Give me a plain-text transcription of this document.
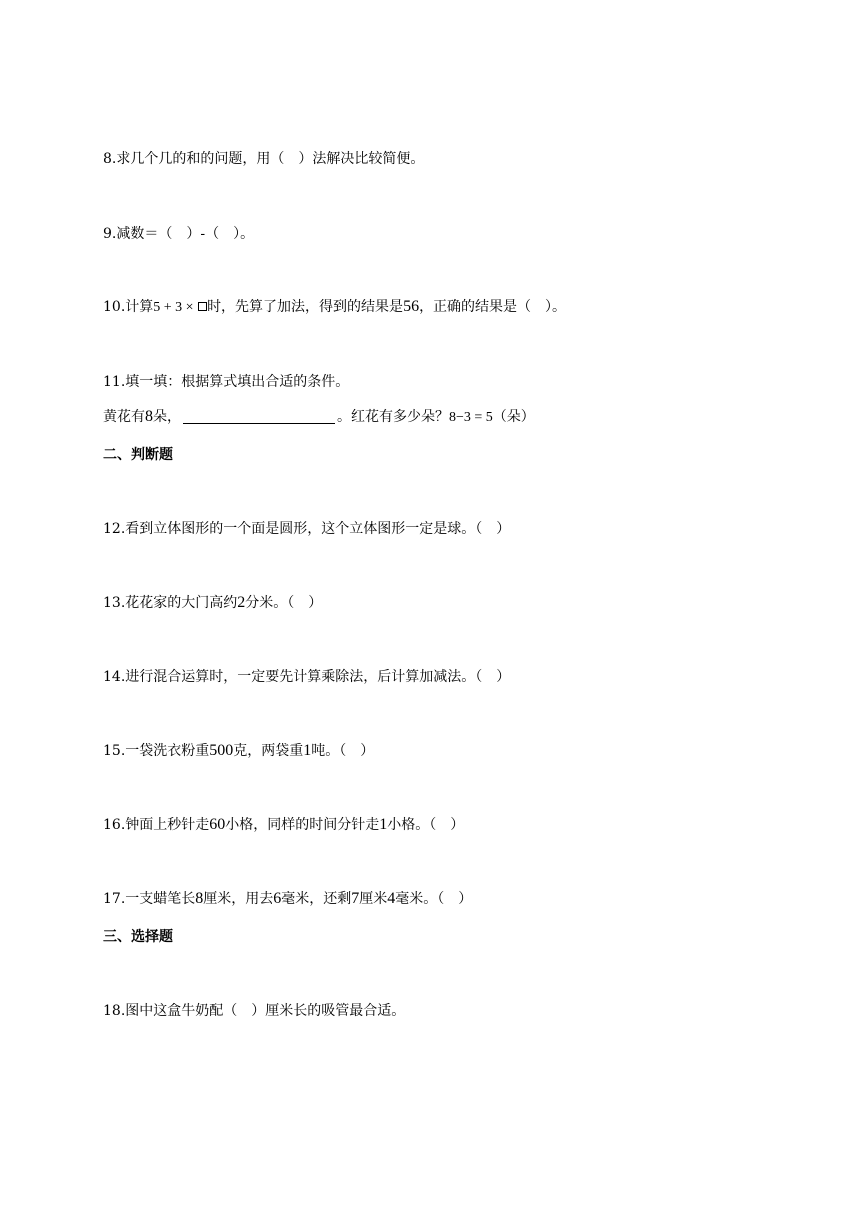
8.求几个几的和的问题，用（　）法解决比较简便。
9.减数＝（　）-（　）。
10.计算5 + 3 × 时，先算了加法，得到的结果是56，正确的结果是（　）。
11.填一填：根据算式填出合适的条件。
黄花有8朵，	。红花有多少朵？8−3 = 5（朵）
二、判断题
12.看到立体图形的一个面是圆形，这个立体图形一定是球。（　）
13.花花家的大门高约2分米。（　）
14.进行混合运算时，一定要先计算乘除法，后计算加减法。（　）
15.一袋洗衣粉重500克，两袋重1吨。（　）
16.钟面上秒针走60小格，同样的时间分针走1小格。（　）
17.一支蜡笔长8厘米，用去6毫米，还剩7厘米4毫米。（　）
三、选择题
18.图中这盒牛奶配（　）厘米长的吸管最合适。
